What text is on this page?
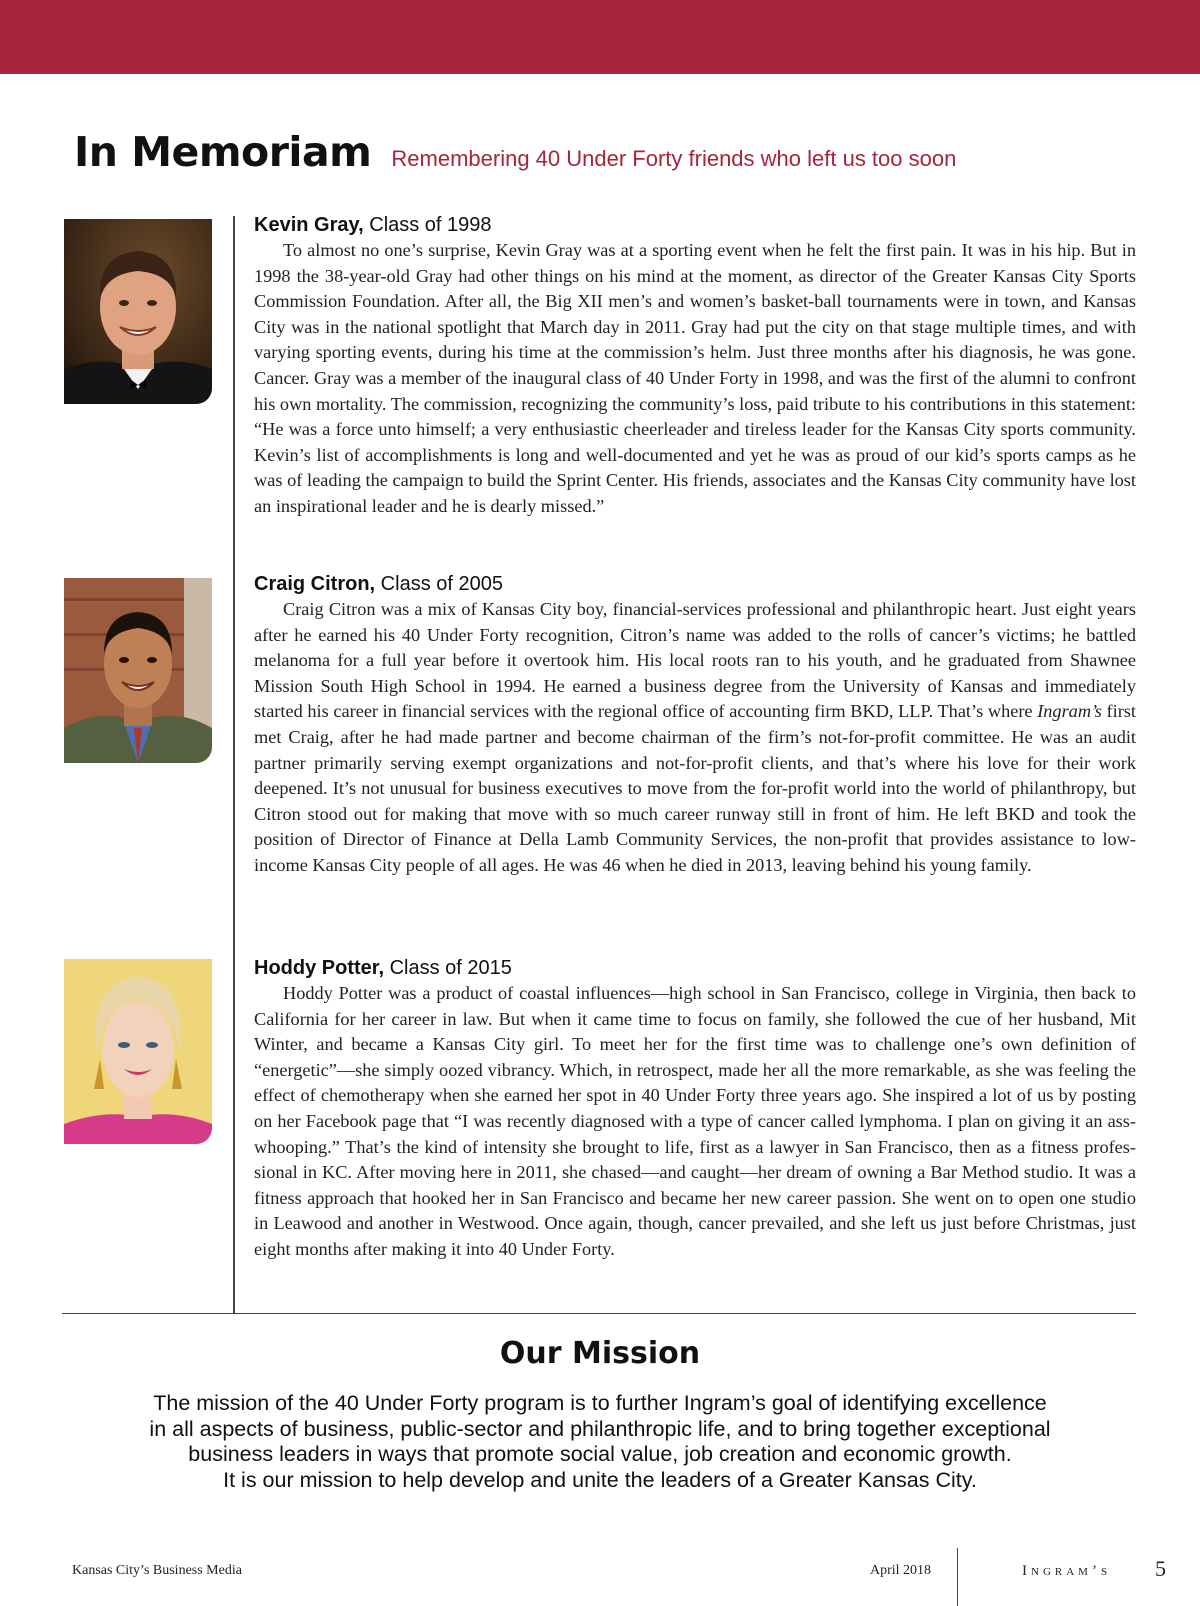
In Memoriam Remembering 40 Under Forty friends who left us too soon
Kevin Gray, Class of 1998

To almost no one’s surprise, Kevin Gray was at a sporting event when he felt the first pain. It was in his hip. But in 1998 the 38-year-old Gray had other things on his mind at the moment, as director of the Greater Kansas City Sports Commission Foundation. After all, the Big XII men’s and women’s basket-ball tournaments were in town, and Kansas City was in the national spotlight that March day in 2011. Gray had put the city on that stage multiple times, and with varying sporting events, during his time at the commission’s helm. Just three months after his diagnosis, he was gone. Cancer. Gray was a member of the inaugural class of 40 Under Forty in 1998, and was the first of the alumni to confront his own mortality. The commission, recognizing the community’s loss, paid tribute to his contributions in this statement: “He was a force unto himself; a very enthusiastic cheerleader and tireless leader for the Kansas City sports community. Kevin’s list of accomplishments is long and well-documented and yet he was as proud of our kid’s sports camps as he was of leading the campaign to build the Sprint Center. His friends, associates and the Kansas City community have lost an inspirational leader and he is dearly missed.”

Craig Citron, Class of 2005

Craig Citron was a mix of Kansas City boy, financial-services professional and philanthropic heart. Just eight years after he earned his 40 Under Forty recognition, Citron’s name was added to the rolls of cancer’s victims; he battled melanoma for a full year before it overtook him. His local roots ran to his youth, and he graduated from Shawnee Mission South High School in 1994. He earned a business degree from the University of Kansas and immediately started his career in financial services with the regional office of accounting firm BKD, LLP. That’s where Ingram’s first met Craig, after he had made partner and become chairman of the firm’s not-for-profit committee. He was an audit partner primarily serving exempt organizations and not-for-profit clients, and that’s where his love for their work deepened. It’s not unusual for business executives to move from the for-profit world into the world of philanthropy, but Citron stood out for making that move with so much career runway still in front of him. He left BKD and took the position of Director of Finance at Della Lamb Community Services, the non-profit that provides assistance to low-income Kansas City people of all ages. He was 46 when he died in 2013, leaving behind his young family.

Hoddy Potter, Class of 2015

Hoddy Potter was a product of coastal influences—high school in San Francisco, college in Virginia, then back to California for her career in law. But when it came time to focus on family, she followed the cue of her husband, Mit Winter, and became a Kansas City girl. To meet her for the first time was to challenge one’s own definition of “energetic”—she simply oozed vibrancy. Which, in retrospect, made her all the more remarkable, as she was feeling the effect of chemotherapy when she earned her spot in 40 Under Forty three years ago. She inspired a lot of us by posting on her Facebook page that “I was recently diagnosed with a type of cancer called lymphoma. I plan on giving it an ass-whooping.” That’s the kind of intensity she brought to life, first as a lawyer in San Francisco, then as a fitness profes-sional in KC. After moving here in 2011, she chased—and caught—her dream of owning a Bar Method studio. It was a fitness approach that hooked her in San Francisco and became her new career passion. She went on to open one studio in Leawood and another in Westwood. Once again, though, cancer prevailed, and she left us just before Christmas, just eight months after making it into 40 Under Forty.

Our Mission
The mission of the 40 Under Forty program is to further Ingram’s goal of identifying excellence
in all aspects of business, public-sector and philanthropic life, and to bring together exceptional
business leaders in ways that promote social value, job creation and economic growth.
It is our mission to help develop and unite the leaders of a Greater Kansas City.
Kansas City’s Business Media	April 2018	Ingram’s 5
